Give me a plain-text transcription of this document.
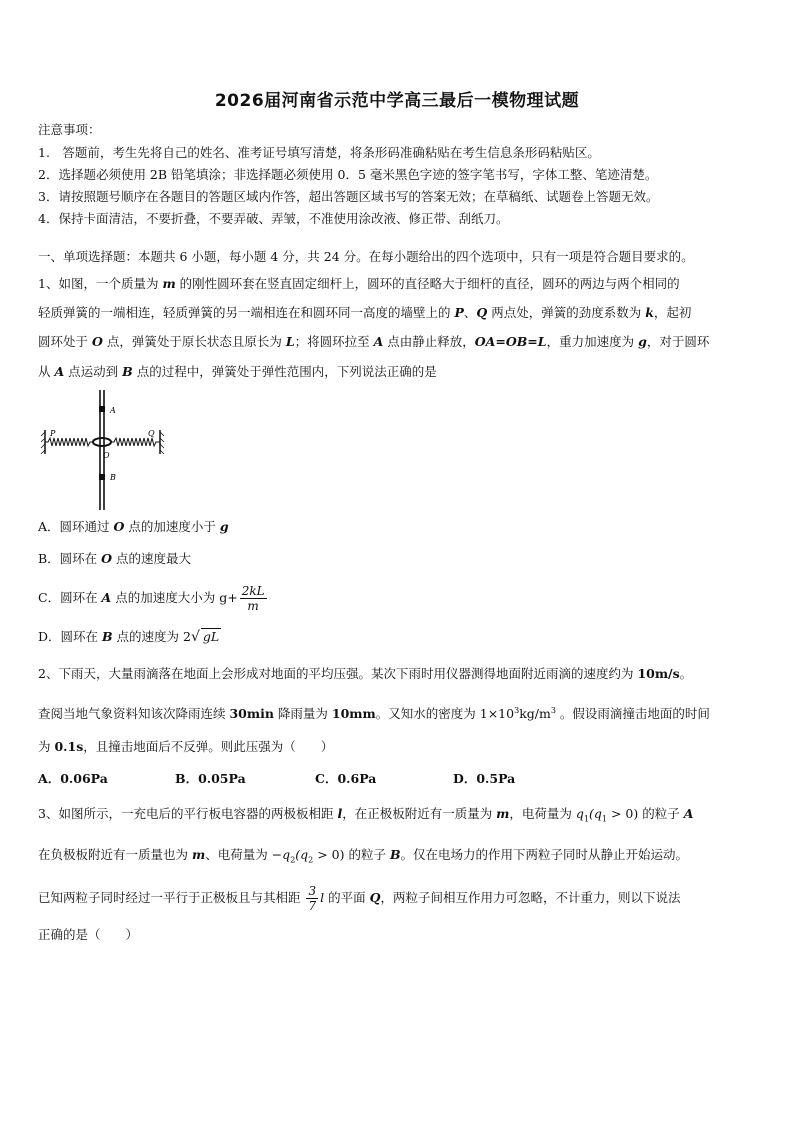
2026届河南省示范中学高三最后一模物理试题
注意事项：
1.　答题前，考生先将自己的姓名、准考证号填写清楚，将条形码准确粘贴在考生信息条形码粘贴区。
2．选择题必须使用 2B 铅笔填涂；非选择题必须使用 0．5 毫米黑色字迹的签字笔书写，字体工整、笔迹清楚。
3．请按照题号顺序在各题目的答题区域内作答，超出答题区域书写的答案无效；在草稿纸、试题卷上答题无效。
4．保持卡面清洁，不要折叠，不要弄破、弄皱，不准使用涂改液、修正带、刮纸刀。
一、单项选择题：本题共 6 小题，每小题 4 分，共 24 分。在每小题给出的四个选项中，只有一项是符合题目要求的。
1、如图，一个质量为 m 的刚性圆环套在竖直固定细杆上，圆环的直径略大于细杆的直径，圆环的两边与两个相同的
轻质弹簧的一端相连，轻质弹簧的另一端相连在和圆环同一高度的墙壁上的 P、Q 两点处，弹簧的劲度系数为 k，起初
圆环处于 O 点，弹簧处于原长状态且原长为 L；将圆环拉至 A 点由静止释放，OA=OB=L，重力加速度为 g，对于圆环
从 A 点运动到 B 点的过程中，弹簧处于弹性范围内，下列说法正确的是
A
B
P	Q
O
A．圆环通过 O 点的加速度小于 g
B．圆环在 O 点的速度最大
C．圆环在 A 点的加速度大小为 $g+ \frac{2kL}{m}$
D．圆环在 B 点的速度为 2√ gL
2、下雨天，大量雨滴落在地面上会形成对地面的平均压强。某次下雨时用仪器测得地面附近雨滴的速度约为 10m/s。
查阅当地气象资料知该次降雨连续 30min 降雨量为 10mm。又知水的密度为 $1\times 10^3kg/m^3$ 。假设雨滴撞击地面的时间
为 0.1s，且撞击地面后不反弹。则此压强为（　　）
A．0.06Pa	B．0.05Pa	C．0.6Pa	D．0.5Pa
3、如图所示，一充电后的平行板电容器的两极板相距 l，在正极板附近有一质量为 m，电荷量为 $q_1(q_1 > 0)$ 的粒子 A
在负极板附近有一质量也为 m、电荷量为 $-q_2(q_2 > 0)$ 的粒子 B。仅在电场力的作用下两粒子同时从静止开始运动。
已知两粒子同时经过一平行于正极板且与其相距 $\frac{3}{7}$ l 的平面 Q，两粒子间相互作用力可忽略，不计重力，则以下说法
正确的是（　　）
